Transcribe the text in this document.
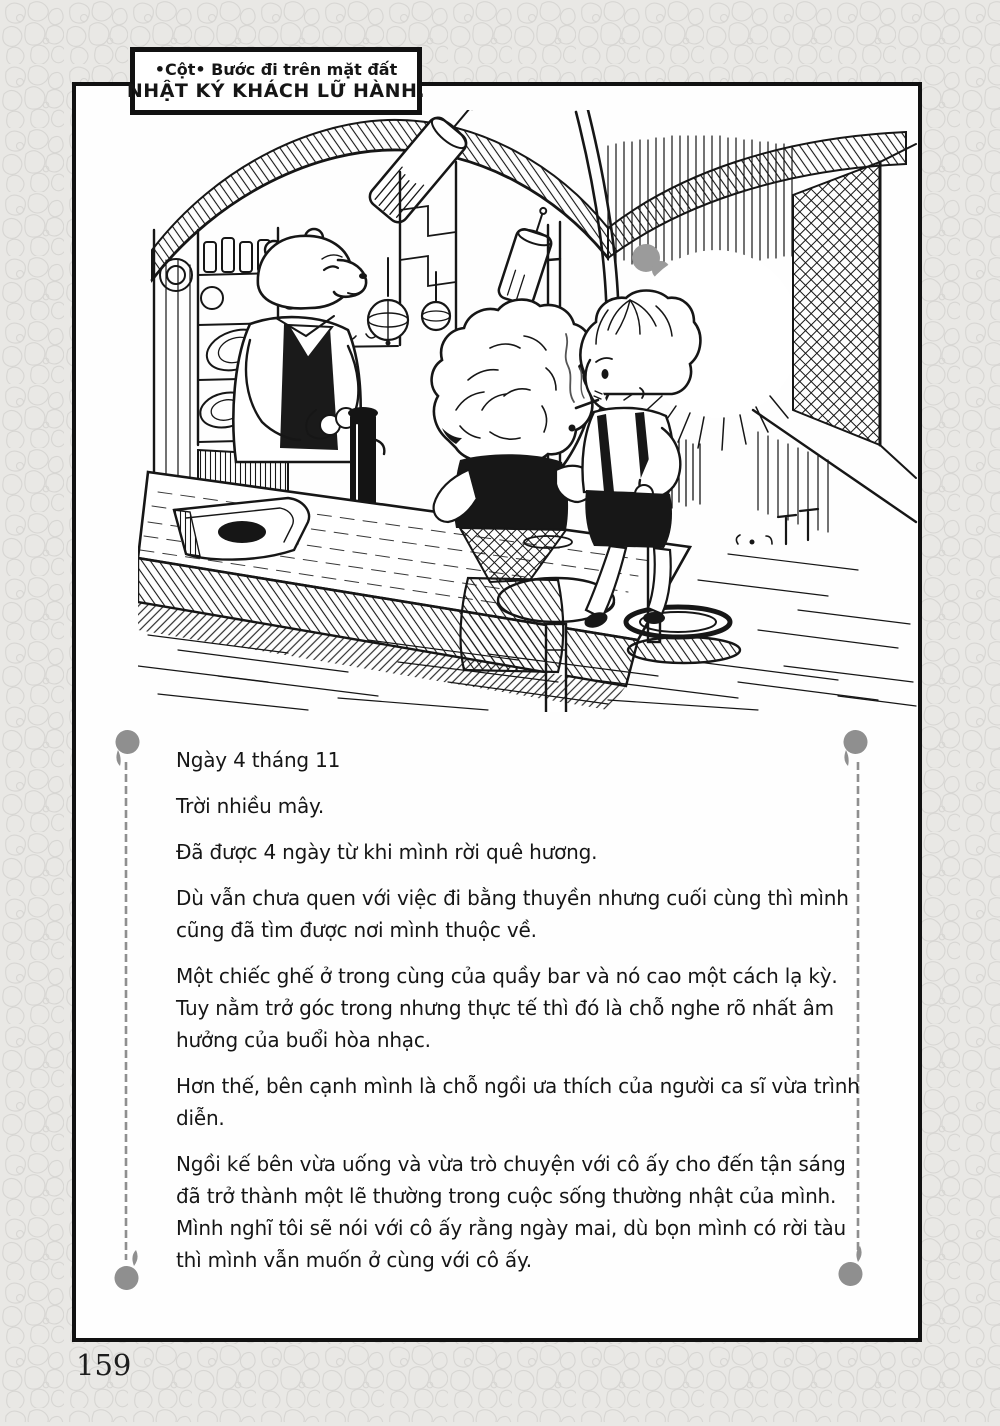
Ngày 4 tháng 11

Trời nhiều mây.

Đã được 4 ngày từ khi mình rời quê hương.

Dù vẫn chưa quen với việc đi bằng thuyền nhưng cuối cùng thì mình cũng đã tìm được nơi mình thuộc về.

Một chiếc ghế ở trong cùng của quầy bar và nó cao một cách lạ kỳ. Tuy nằm trở góc trong nhưng thực tế thì đó là chỗ nghe rõ nhất âm hưởng của buổi hòa nhạc.

Hơn thế, bên cạnh mình là chỗ ngồi ưa thích của người ca sĩ vừa trình diễn.

Ngồi kế bên vừa uống và vừa trò chuyện với cô ấy cho đến tận sáng đã trở thành một lẽ thường trong cuộc sống thường nhật của mình. Mình nghĩ tôi sẽ nói với cô ấy rằng ngày mai, dù bọn mình có rời tàu thì mình vẫn muốn ở cùng với cô ấy.

•Cột• Bước đi trên mặt đất
NHẬT KÝ KHÁCH LỮ HÀNH.
159
